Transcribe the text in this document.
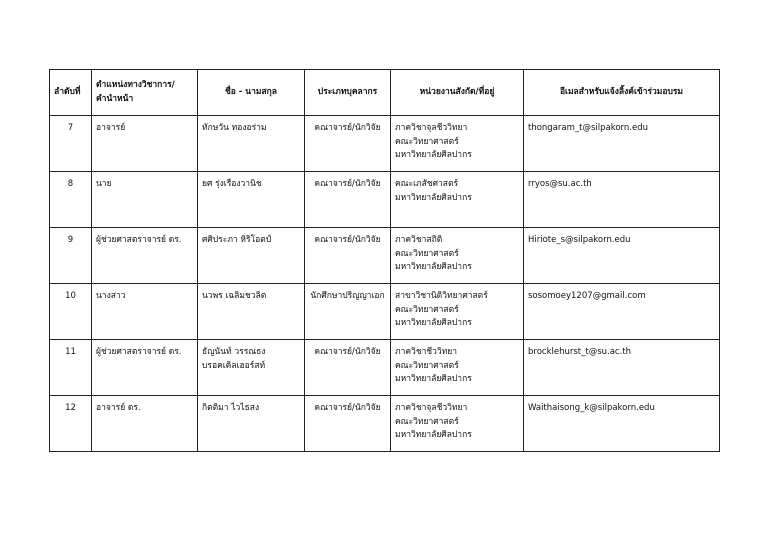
ลำดับที่	ตำแหน่งทางวิชาการ/
คำนำหน้า	ชื่อ - นามสกุล	ประเภทบุคลากร	หน่วยงานสังกัด/ที่อยู่	อีเมลสำหรับแจ้งลิ้งค์เข้าร่วมอบรม
7	อาจารย์	ทักษวัน ทองอร่าม	คณาจารย์/นักวิจัย	ภาควิชาจุลชีววิทยา
คณะวิทยาศาสตร์
มหาวิทยาลัยศิลปากร	thongaram_t@silpakorn.edu
8	นาย	ยศ รุ่งเรืองวานิช	คณาจารย์/นักวิจัย	คณะเภสัชศาสตร์
มหาวิทยาลัยศิลปากร	rryos@su.ac.th
9	ผู้ช่วยศาสตราจารย์ ดร.	ศศิประภา หิริโอตป์	คณาจารย์/นักวิจัย	ภาควิชาสถิติ
คณะวิทยาศาสตร์
มหาวิทยาลัยศิลปากร	Hiriote_s@silpakorn.edu
10	นางสาว	นวพร เฉลิมชวลิต	นักศึกษาปริญญาเอก	สาขาวิชานิติวิทยาศาสตร์
คณะวิทยาศาสตร์
มหาวิทยาลัยศิลปากร	sosomoey1207@gmail.com
11	ผู้ช่วยศาสตราจารย์ ดร.	ธัญนันท์ วรรณธง
บรอคเคิลเฮอร์สท์	คณาจารย์/นักวิจัย	ภาควิชาชีววิทยา
คณะวิทยาศาสตร์
มหาวิทยาลัยศิลปากร	brocklehurst_t@su.ac.th
12	อาจารย์ ดร.	กิตติมา ไวไธสง	คณาจารย์/นักวิจัย	ภาควิชาจุลชีววิทยา
คณะวิทยาศาสตร์
มหาวิทยาลัยศิลปากร	Waithaisong_k@silpakorn.edu
